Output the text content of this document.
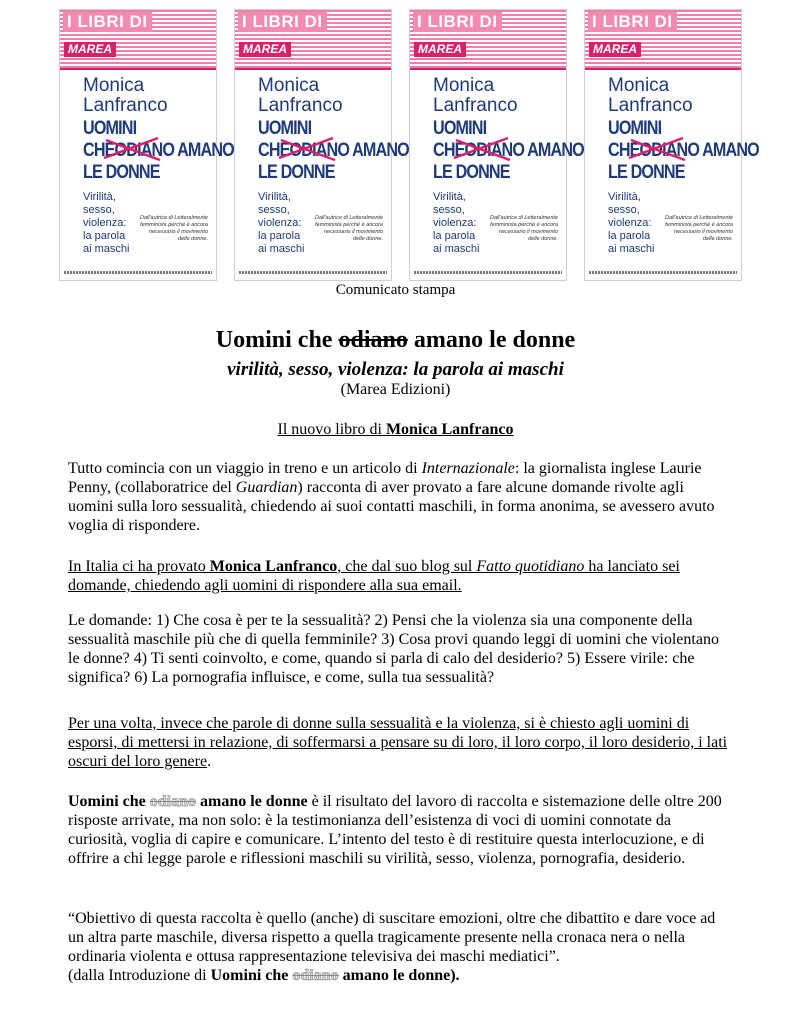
I LIBRI DI
MAREA
Monica
Lanfranco
UOMINI
CHEODIANO AMANO
LE DONNE
Virilità,
sesso,
violenza:
la parola
ai maschi
Dall'autrice di Letteralmente femminista perché è ancora necessario il movimento delle donne.
I LIBRI DI
MAREA
Monica
Lanfranco
UOMINI
CHEODIANO AMANO
LE DONNE
Virilità,
sesso,
violenza:
la parola
ai maschi
Dall'autrice di Letteralmente femminista perché è ancora necessario il movimento delle donne.
I LIBRI DI
MAREA
Monica
Lanfranco
UOMINI
CHEODIANO AMANO
LE DONNE
Virilità,
sesso,
violenza:
la parola
ai maschi
Dall'autrice di Letteralmente femminista perché è ancora necessario il movimento delle donne.
I LIBRI DI
MAREA
Monica
Lanfranco
UOMINI
CHEODIANO AMANO
LE DONNE
Virilità,
sesso,
violenza:
la parola
ai maschi
Dall'autrice di Letteralmente femminista perché è ancora necessario il movimento delle donne.
Comunicato stampa
Uomini che odiano amano le donne
virilità, sesso, violenza: la parola ai maschi
(Marea Edizioni)
Il nuovo libro di Monica Lanfranco

Tutto comincia con un viaggio in treno e un articolo di Internazionale: la giornalista inglese Laurie Penny, (collaboratrice del Guardian) racconta di aver provato a fare alcune domande rivolte agli uomini sulla loro sessualità, chiedendo ai suoi contatti maschili, in forma anonima, se avessero avuto voglia di rispondere.

In Italia ci ha provato Monica Lanfranco, che dal suo blog sul Fatto quotidiano ha lanciato sei domande, chiedendo agli uomini di rispondere alla sua email.

Le domande: 1) Che cosa è per te la sessualità? 2) Pensi che la violenza sia una componente della sessualità maschile più che di quella femminile? 3) Cosa provi quando leggi di uomini che violentano le donne? 4) Ti senti coinvolto, e come, quando si parla di calo del desiderio? 5) Essere virile: che significa? 6) La pornografia influisce, e come, sulla tua sessualità?

Per una volta, invece che parole di donne sulla sessualità e la violenza, si è chiesto agli uomini di esporsi, di mettersi in relazione, di soffermarsi a pensare su di loro, il loro corpo, il loro desiderio, i lati oscuri del loro genere.

Uomini che odiano amano le donne è il risultato del lavoro di raccolta e sistemazione delle oltre 200 risposte arrivate, ma non solo: è la testimonianza dell’esistenza di voci di uomini connotate da curiosità, voglia di capire e comunicare. L’intento del testo è di restituire questa interlocuzione, e di offrire a chi legge parole e riflessioni maschili su virilità, sesso, violenza, pornografia, desiderio.

“Obiettivo di questa raccolta è quello (anche) di suscitare emozioni, oltre che dibattito e dare voce ad un altra parte maschile, diversa rispetto a quella tragicamente presente nella cronaca nera o nella ordinaria violenta e ottusa rappresentazione televisiva dei maschi mediatici”.
(dalla Introduzione di Uomini che odiano amano le donne).
